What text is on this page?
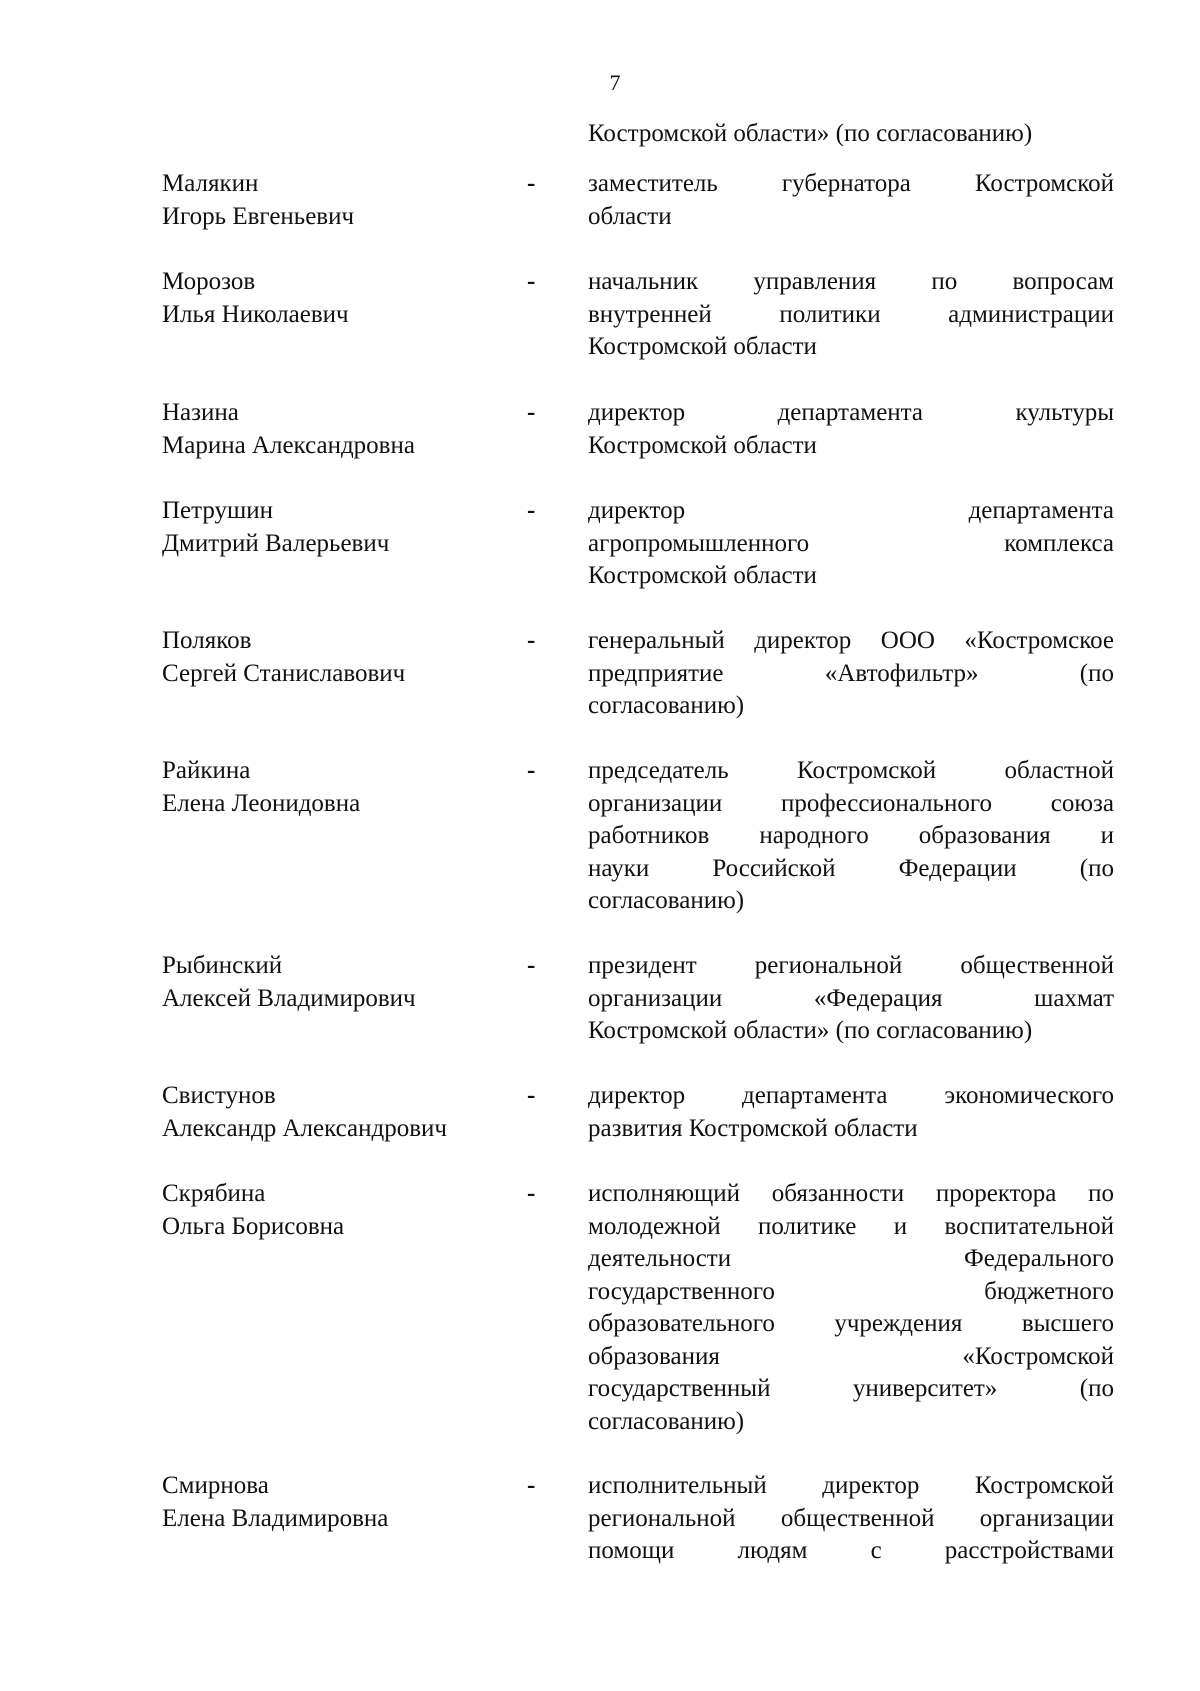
7
Костромской области» (по согласованию)
Малякин
Игорь Евгеньевич
- заместитель губернатора Костромской
области
Морозов
Илья Николаевич
- начальник управления по вопросам
внутренней политики администрации
Костромской области
Назина
Марина Александровна
- директор департамента культуры
Костромской области
Петрушин
Дмитрий Валерьевич
- директор департамента
агропромышленного комплекса
Костромской области
Поляков
Сергей Станиславович
- генеральный директор ООО «Костромское
предприятие «Автофильтр» (по
согласованию)
Райкина
Елена Леонидовна
- председатель Костромской областной
организации профессионального союза
работников народного образования и
науки Российской Федерации (по
согласованию)
Рыбинский
Алексей Владимирович
- президент региональной общественной
организации «Федерация шахмат
Костромской области» (по согласованию)
Свистунов
Александр Александрович
- директор департамента экономического
развития Костромской области
Скрябина
Ольга Борисовна
- исполняющий обязанности проректора по
молодежной политике и воспитательной
деятельности Федерального
государственного бюджетного
образовательного учреждения высшего
образования «Костромской
государственный университет» (по
согласованию)
Смирнова
Елена Владимировна
- исполнительный директор Костромской
региональной общественной организации
помощи людям с расстройствами
